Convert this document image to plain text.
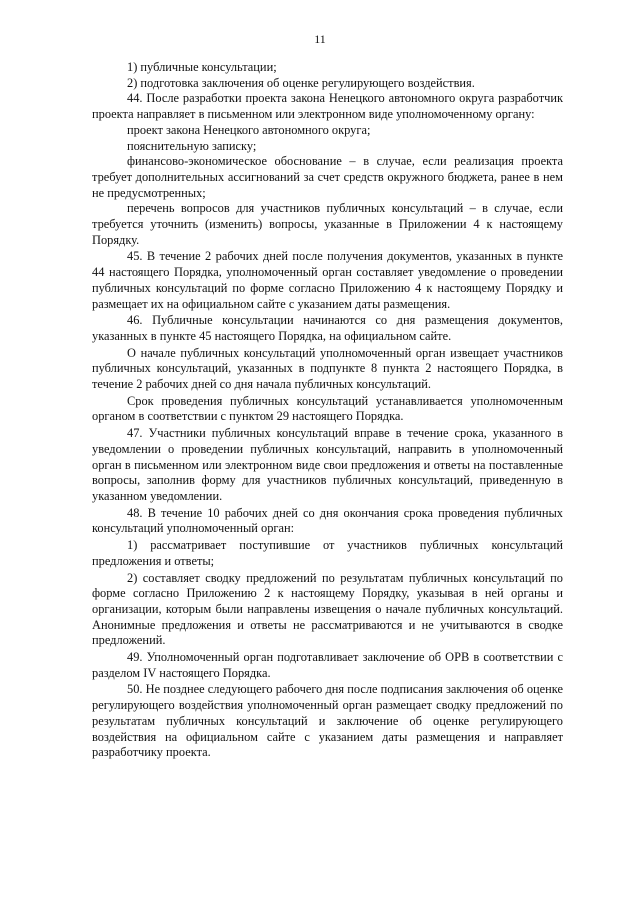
11

1) публичные консультации;

2) подготовка заключения об оценке регулирующего воздействия.

44. После разработки проекта закона Ненецкого автономного округа разработчик проекта направляет в письменном или электронном виде уполномоченному органу:

проект закона Ненецкого автономного округа;

пояснительную записку;

финансово-экономическое обоснование – в случае, если реализация проекта требует дополнительных ассигнований за счет средств окружного бюджета, ранее в нем не предусмотренных;

перечень вопросов для участников публичных консультаций – в случае, если требуется уточнить (изменить) вопросы, указанные в Приложении 4 к настоящему Порядку.

45. В течение 2 рабочих дней после получения документов, указанных в пункте 44 настоящего Порядка, уполномоченный орган составляет уведомление о проведении публичных консультаций по форме согласно Приложению 4 к настоящему Порядку и размещает их на официальном сайте с указанием даты размещения.

46. Публичные консультации начинаются со дня размещения документов, указанных в пункте 45 настоящего Порядка, на официальном сайте.

О начале публичных консультаций уполномоченный орган извещает участников публичных консультаций, указанных в подпункте 8 пункта 2 настоящего Порядка, в течение 2 рабочих дней со дня начала публичных консультаций.

Срок проведения публичных консультаций устанавливается уполномоченным органом в соответствии с пунктом 29 настоящего Порядка.

47. Участники публичных консультаций вправе в течение срока, указанного в уведомлении о проведении публичных консультаций, направить в уполномоченный орган в письменном или электронном виде свои предложения и ответы на поставленные вопросы, заполнив форму для участников публичных консультаций, приведенную в указанном уведомлении.

48. В течение 10 рабочих дней со дня окончания срока проведения публичных консультаций уполномоченный орган:

1) рассматривает поступившие от участников публичных консультаций предложения и ответы;

2) составляет сводку предложений по результатам публичных консультаций по форме согласно Приложению 2 к настоящему Порядку, указывая в ней органы и организации, которым были направлены извещения о начале публичных консультаций. Анонимные предложения и ответы не рассматриваются и не учитываются в сводке предложений.

49. Уполномоченный орган подготавливает заключение об ОРВ в соответствии с разделом IV настоящего Порядка.

50. Не позднее следующего рабочего дня после подписания заключения об оценке регулирующего воздействия уполномоченный орган размещает сводку предложений по результатам публичных консультаций и заключение об оценке регулирующего воздействия на официальном сайте с указанием даты размещения и направляет разработчику проекта.
